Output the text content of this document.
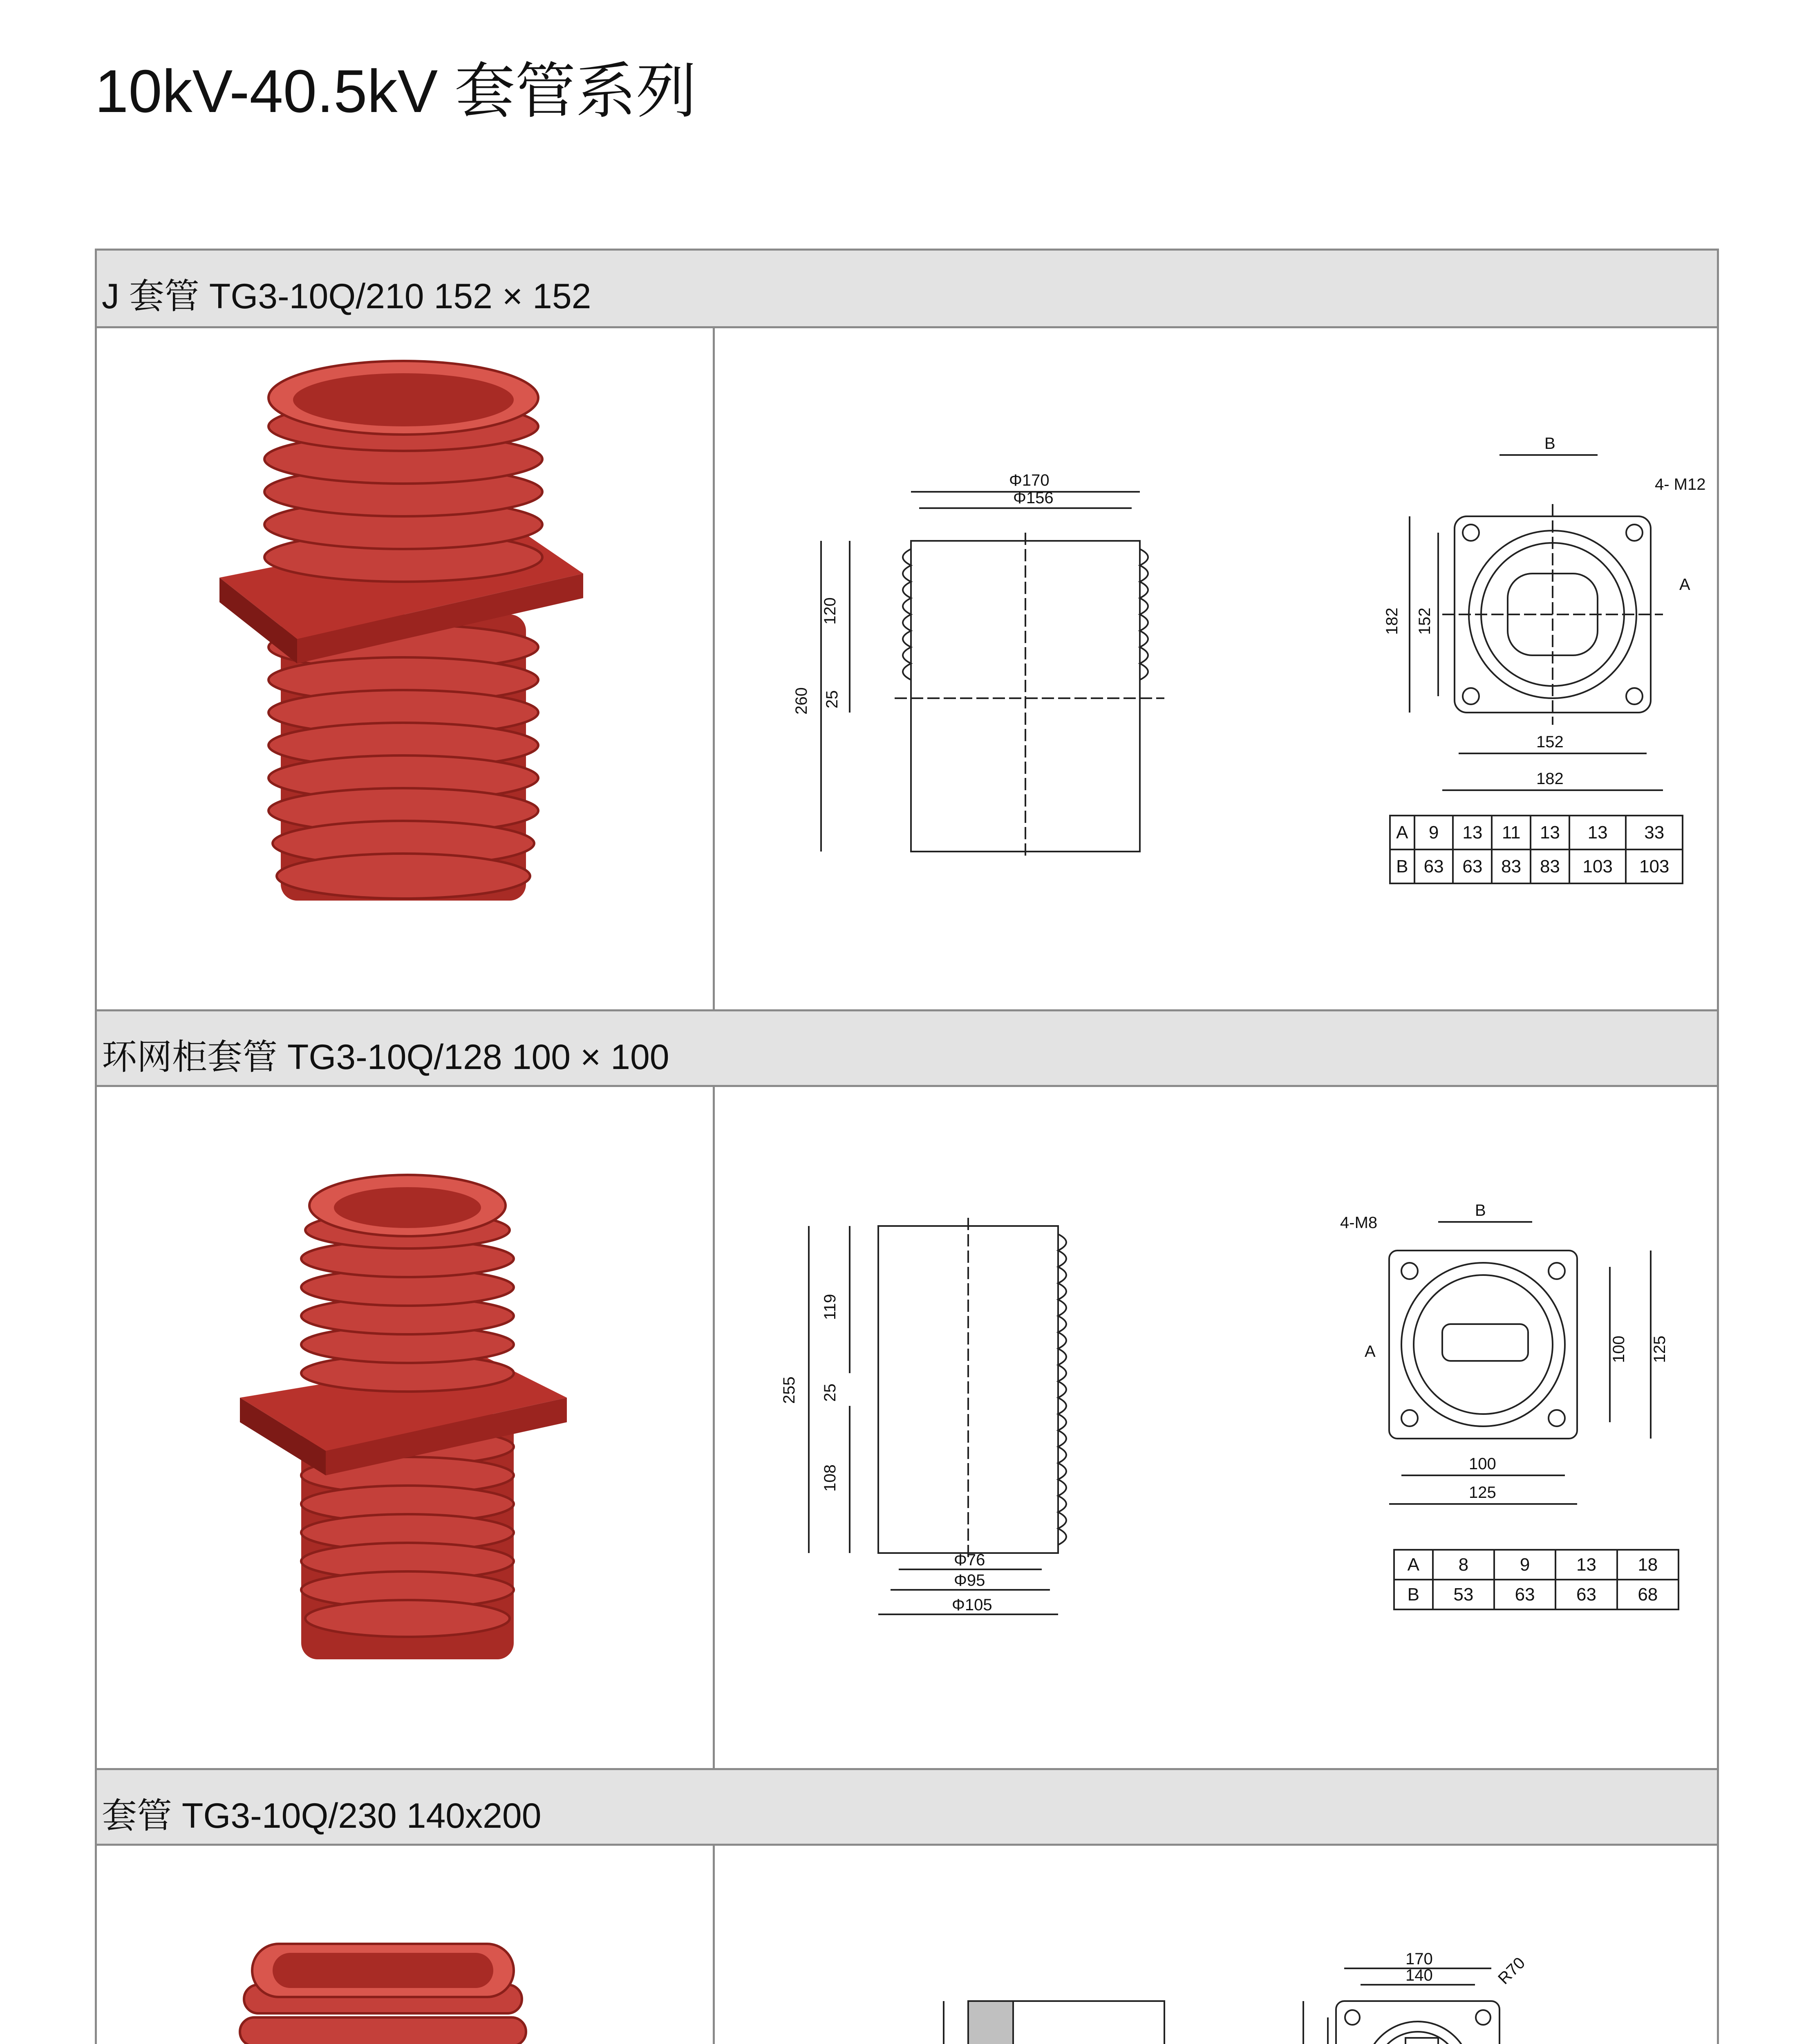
10kV-40.5kV 套管系列
J 套管 TG3-10Q/210 152 × 152
Φ170
Φ156
260
120
25
B
4- M12
A
152
182
182 152
A	9	13	11	13	13	33
B	63	63	83	83	103	103
环网柜套管 TG3-10Q/128 100 × 100
255
119
25
108
Φ76
Φ95
Φ105
B
4-M8
A
100
125
100 125
A	8	9	13	18
B	53	63	63	68
套管 TG3-10Q/230 140x200
170
140	R70
